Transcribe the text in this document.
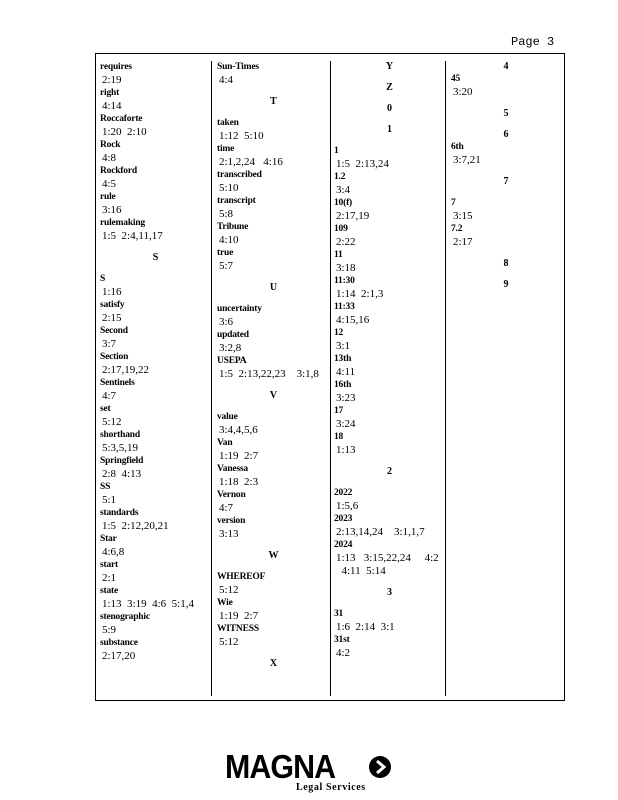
Page 3
requires
2:19
right
4:14
Roccaforte
1:20  2:10
Rock
4:8
Rockford
4:5
rule
3:16
rulemaking
1:5  2:4,11,17
S
S
1:16
satisfy
2:15
Second
3:7
Section
2:17,19,22
Sentinels
4:7
set
5:12
shorthand
5:3,5,19
Springfield
2:8  4:13
SS
5:1
standards
1:5  2:12,20,21
Star
4:6,8
start
2:1
state
1:13  3:19  4:6  5:1,4
stenographic
5:9
substance
2:17,20
Sun-Times
4:4
T
taken
1:12  5:10
time
2:1,2,24   4:16
transcribed
5:10
transcript
5:8
Tribune
4:10
true
5:7
U
uncertainty
3:6
updated
3:2,8
USEPA
1:5  2:13,22,23    3:1,8
V
value
3:4,4,5,6
Van
1:19  2:7
Vanessa
1:18  2:3
Vernon
4:7
version
3:13
W
WHEREOF
5:12
Wie
1:19  2:7
WITNESS
5:12
X
Y
Z
0
1
1
1:5  2:13,24
1.2
3:4
10(f)
2:17,19
109
2:22
11
3:18
11:30
1:14  2:1,3
11:33
4:15,16
12
3:1
13th
4:11
16th
3:23
17
3:24
18
1:13
2
2022
1:5,6
2023
2:13,14,24    3:1,1,7
2024
1:13   3:15,22,24     4:2
4:11  5:14
3
31
1:6  2:14  3:1
31st
4:2
4
45
3:20
5
6
6th
3:7,21
7
7
3:15
7.2
2:17
8
9
MAGNA
Legal Services
